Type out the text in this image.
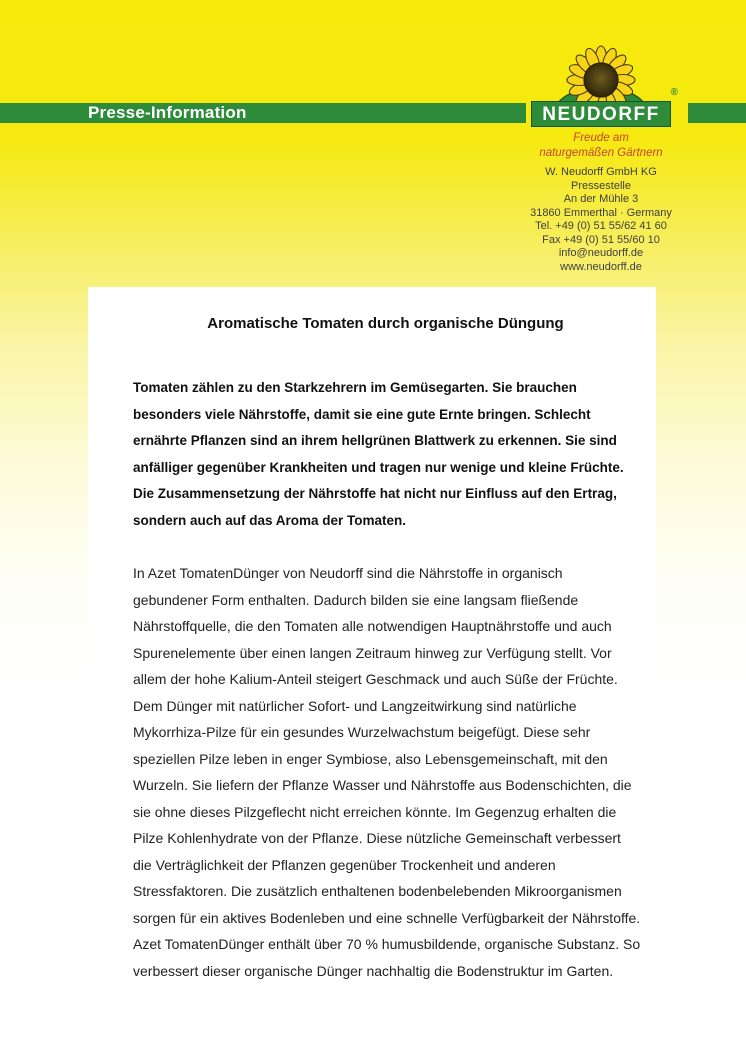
Presse-Information	NEUDORFF
®
Freude am
naturgemäßen Gärtnern
W. Neudorff GmbH KG
Pressestelle
An der Mühle 3
31860 Emmerthal · Germany
Tel. +49 (0) 51 55/62 41 60
Fax +49 (0) 51 55/60 10
info@neudorff.de
www.neudorff.de
Aromatische Tomaten durch organische Düngung

Tomaten zählen zu den Starkzehrern im Gemüsegarten. Sie brauchen besonders viele Nährstoffe, damit sie eine gute Ernte bringen. Schlecht ernährte Pflanzen sind an ihrem hellgrünen Blattwerk zu erkennen. Sie sind anfälliger gegenüber Krankheiten und tragen nur wenige und kleine Früchte. Die Zusammensetzung der Nährstoffe hat nicht nur Einfluss auf den Ertrag, sondern auch auf das Aroma der Tomaten.

In Azet TomatenDünger von Neudorff sind die Nährstoffe in organisch gebundener Form enthalten. Dadurch bilden sie eine langsam fließende Nährstoffquelle, die den Tomaten alle notwendigen Hauptnährstoffe und auch Spurenelemente über einen langen Zeitraum hinweg zur Verfügung stellt. Vor allem der hohe Kalium-Anteil steigert Geschmack und auch Süße der Früchte.

Dem Dünger mit natürlicher Sofort- und Langzeitwirkung sind natürliche Mykorrhiza-Pilze für ein gesundes Wurzelwachstum beigefügt. Diese sehr speziellen Pilze leben in enger Symbiose, also Lebensgemeinschaft, mit den Wurzeln. Sie liefern der Pflanze Wasser und Nährstoffe aus Bodenschichten, die sie ohne dieses Pilzgeflecht nicht erreichen könnte. Im Gegenzug erhalten die Pilze Kohlenhydrate von der Pflanze. Diese nützliche Gemeinschaft verbessert die Verträglichkeit der Pflanzen gegenüber Trockenheit und anderen Stressfaktoren. Die zusätzlich enthaltenen bodenbelebenden Mikroorganismen sorgen für ein aktives Bodenleben und eine schnelle Verfügbarkeit der Nährstoffe.

Azet TomatenDünger enthält über 70 % humusbildende, organische Substanz. So verbessert dieser organische Dünger nachhaltig die Bodenstruktur im Garten.
